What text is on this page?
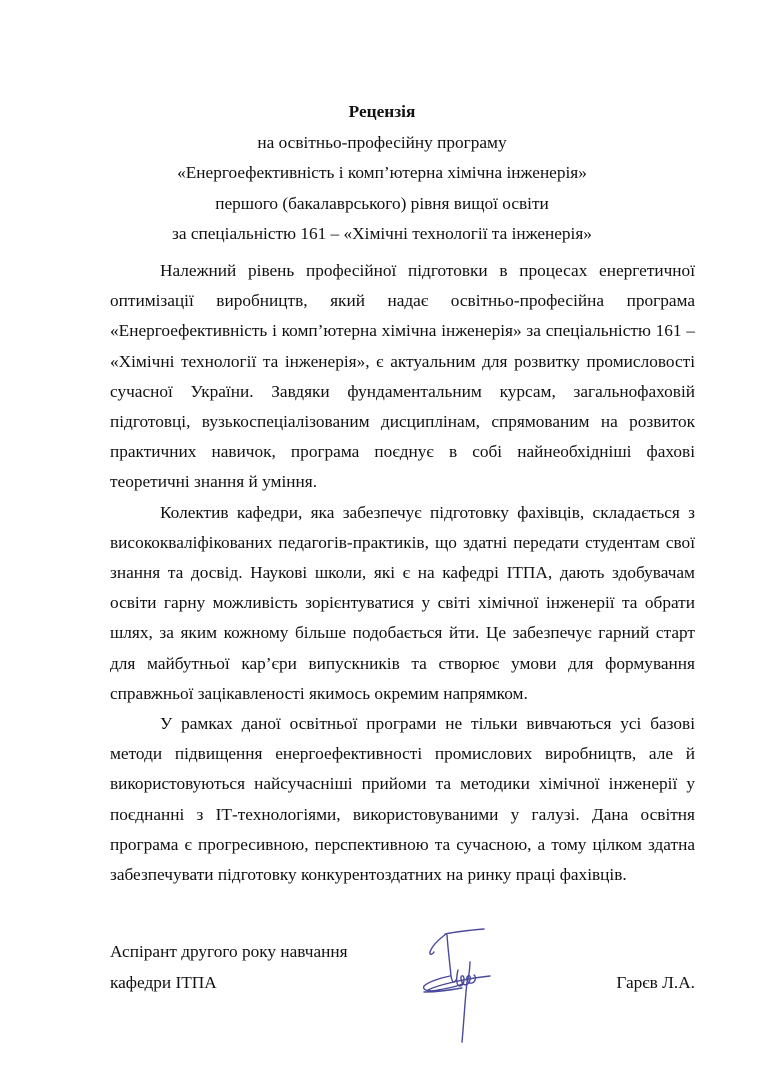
Рецензія
на освітньо-професійну програму
«Енергоефективність і комп’ютерна хімічна інженерія»
першого (бакалаврського) рівня вищої освіти
за спеціальністю 161 – «Хімічні технології та інженерія»

Належний рівень професійної підготовки в процесах енергетичної оптимізації виробництв, який надає освітньо-професійна програма «Енергоефективність і комп’ютерна хімічна інженерія» за спеціальністю 161 – «Хімічні технології та інженерія», є актуальним для розвитку промисловості сучасної України. Завдяки фундаментальним курсам, загальнофаховій підготовці, вузькоспеціалізованим дисциплінам, спрямованим на розвиток практичних навичок, програма поєднує в собі найнеобхідніші фахові теоретичні знання й уміння.

Колектив кафедри, яка забезпечує підготовку фахівців, складається з висококваліфікованих педагогів-практиків, що здатні передати студентам свої знання та досвід. Наукові школи, які є на кафедрі ІТПА, дають здобувачам освіти гарну можливість зорієнтуватися у світі хімічної інженерії та обрати шлях, за яким кожному більше подобається йти. Це забезпечує гарний старт для майбутньої кар’єри випускників та створює умови для формування справжньої зацікавленості якимось окремим напрямком.

У рамках даної освітньої програми не тільки вивчаються усі базові методи підвищення енергоефективності промислових виробництв, але й використовуються найсучасніші прийоми та методики хімічної інженерії у поєднанні з ІТ-технологіями, використовуваними у галузі. Дана освітня програма є прогресивною, перспективною та сучасною, а тому цілком здатна забезпечувати підготовку конкурентоздатних на ринку праці фахівців.

Аспірант другого року навчання
кафедри ІТПА	Гарєв Л.А.
